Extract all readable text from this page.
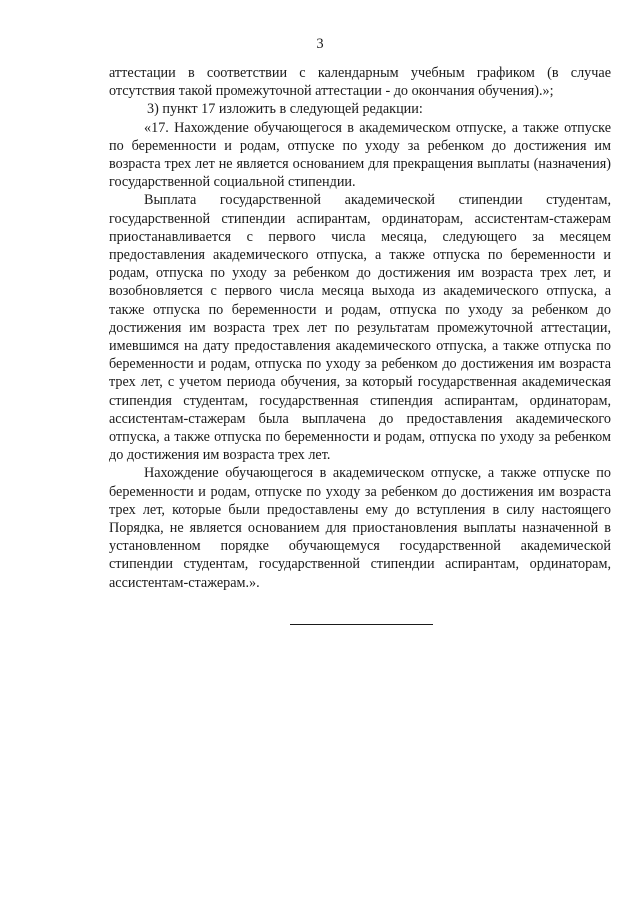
3

аттестации в соответствии с календарным учебным графиком (в случае отсутствия такой промежуточной аттестации - до окончания обучения).»;

3) пункт 17 изложить в следующей редакции:

«17. Нахождение обучающегося в академическом отпуске, а также отпуске по беременности и родам, отпуске по уходу за ребенком до достижения им возраста трех лет не является основанием для прекращения выплаты (назначения) государственной социальной стипендии.

Выплата государственной академической стипендии студентам, государственной стипендии аспирантам, ординаторам, ассистентам-стажерам приостанавливается с первого числа месяца, следующего за месяцем предоставления академического отпуска, а также отпуска по беременности и родам, отпуска по уходу за ребенком до достижения им возраста трех лет, и возобновляется с первого числа месяца выхода из академического отпуска, а также отпуска по беременности и родам, отпуска по уходу за ребенком до достижения им возраста трех лет по результатам промежуточной аттестации, имевшимся на дату предоставления академического отпуска, а также отпуска по беременности и родам, отпуска по уходу за ребенком до достижения им возраста трех лет, с учетом периода обучения, за который государственная академическая стипендия студентам, государственная стипендия аспирантам, ординаторам, ассистентам-стажерам была выплачена до предоставления академического отпуска, а также отпуска по беременности и родам, отпуска по уходу за ребенком до достижения им возраста трех лет.

Нахождение обучающегося в академическом отпуске, а также отпуске по беременности и родам, отпуске по уходу за ребенком до достижения им возраста трех лет, которые были предоставлены ему до вступления в силу настоящего Порядка, не является основанием для приостановления выплаты назначенной в установленном порядке обучающемуся государственной академической стипендии студентам, государственной стипендии аспирантам, ординаторам, ассистентам-стажерам.».
